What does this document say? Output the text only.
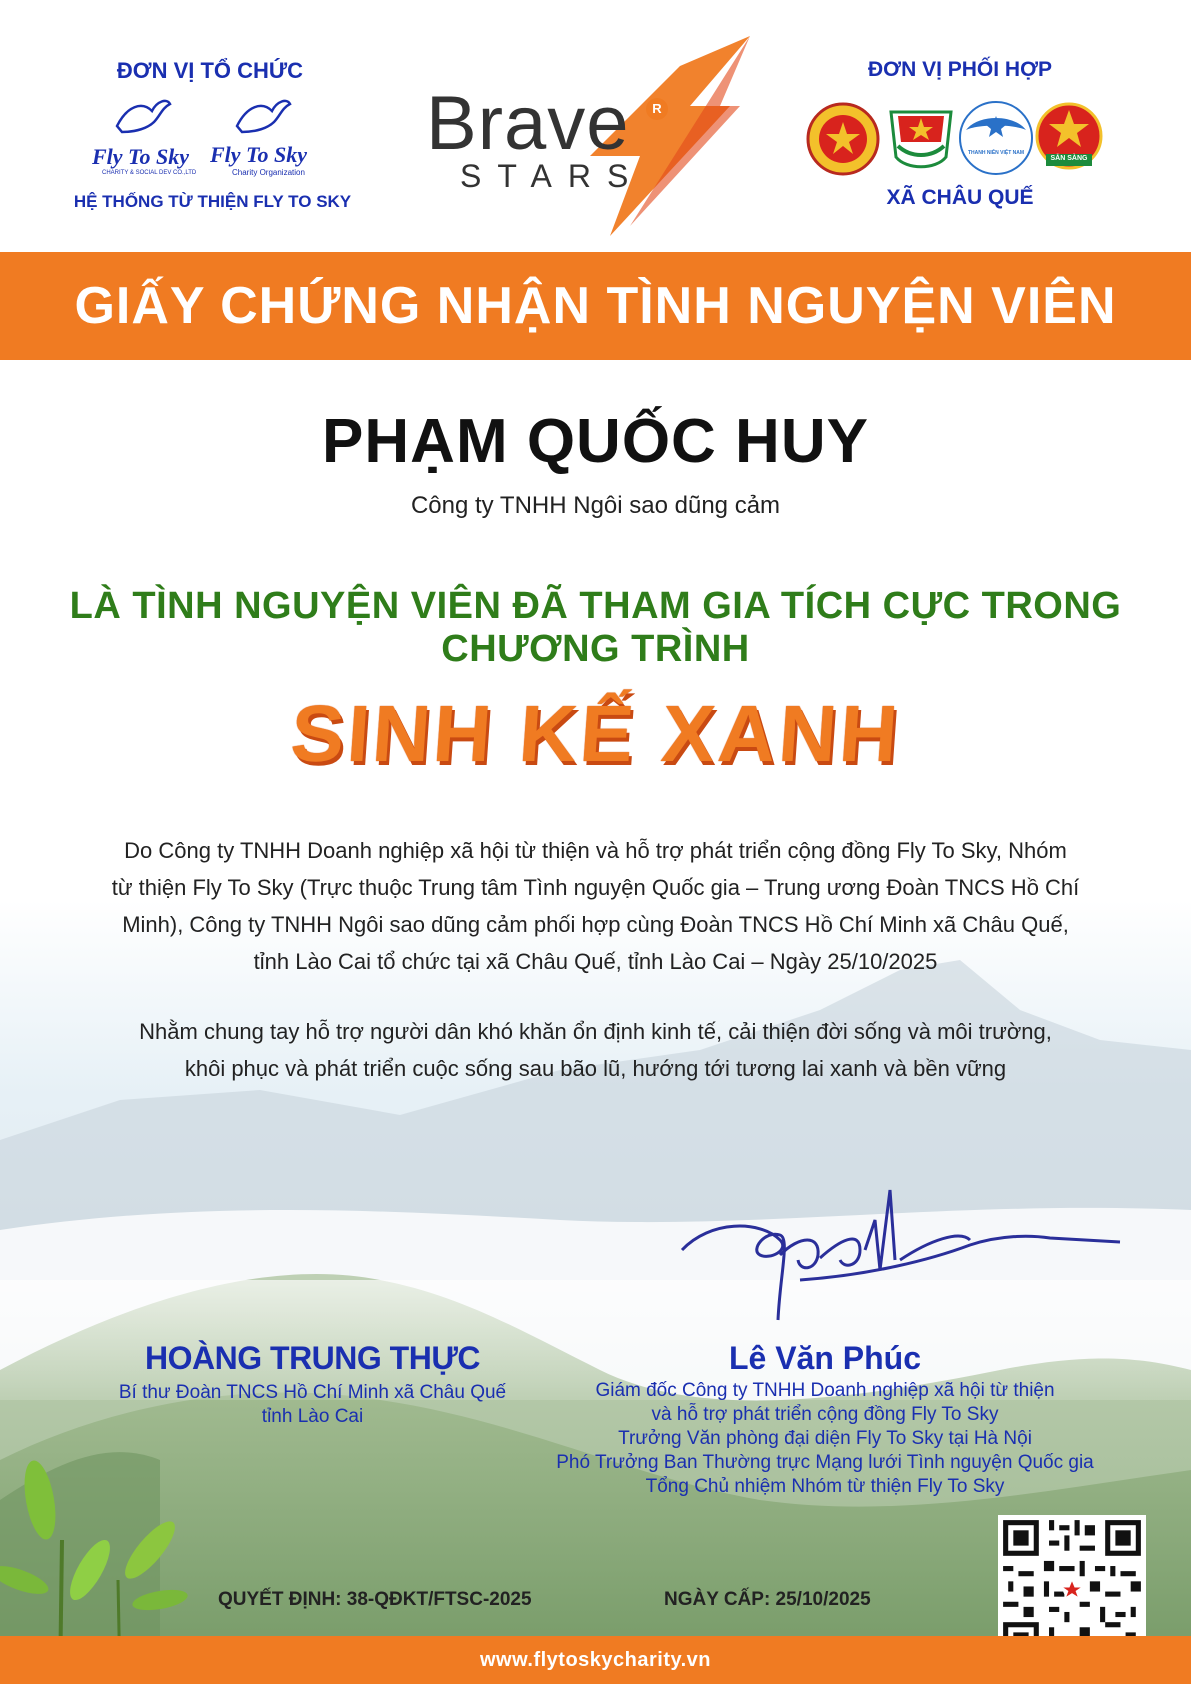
ĐƠN VỊ TỔ CHỨC
Fly To Sky
CHARITY & SOCIAL DEV CO.,LTD
Fly To Sky
Charity Organization
HỆ THỐNG TỪ THIỆN FLY TO SKY
Brave	R
STARS
ĐƠN VỊ PHỐI HỢP
THANH NIÊN VIỆT NAM
SẴN SÀNG
XÃ CHÂU QUẾ
GIẤY CHỨNG NHẬN TÌNH NGUYỆN VIÊN
PHẠM QUỐC HUY
Công ty TNHH Ngôi sao dũng cảm
LÀ TÌNH NGUYỆN VIÊN ĐÃ THAM GIA TÍCH CỰC TRONG CHƯƠNG TRÌNH
SINH KẾ XANH
Do Công ty TNHH Doanh nghiệp xã hội từ thiện và hỗ trợ phát triển cộng đồng Fly To Sky, Nhóm
từ thiện Fly To Sky (Trực thuộc Trung tâm Tình nguyện Quốc gia – Trung ương Đoàn TNCS Hồ Chí
Minh), Công ty TNHH Ngôi sao dũng cảm phối hợp cùng Đoàn TNCS Hồ Chí Minh xã Châu Quế,
tỉnh Lào Cai tổ chức tại xã Châu Quế, tỉnh Lào Cai – Ngày 25/10/2025
Nhằm chung tay hỗ trợ người dân khó khăn ổn định kinh tế, cải thiện đời sống và môi trường,
khôi phục và phát triển cuộc sống sau bão lũ, hướng tới tương lai xanh và bền vững
HOÀNG TRUNG THỰC
Bí thư Đoàn TNCS Hồ Chí Minh xã Châu Quế
tỉnh Lào Cai
Lê Văn Phúc
Giám đốc Công ty TNHH Doanh nghiệp xã hội từ thiện
và hỗ trợ phát triển cộng đồng Fly To Sky
Trưởng Văn phòng đại diện Fly To Sky tại Hà Nội
Phó Trưởng Ban Thường trực Mạng lưới Tình nguyện Quốc gia
Tổng Chủ nhiệm Nhóm từ thiện Fly To Sky
QUYẾT ĐỊNH: 38-QĐKT/FTSC-2025	NGÀY CẤP: 25/10/2025
www.flytoskycharity.vn
